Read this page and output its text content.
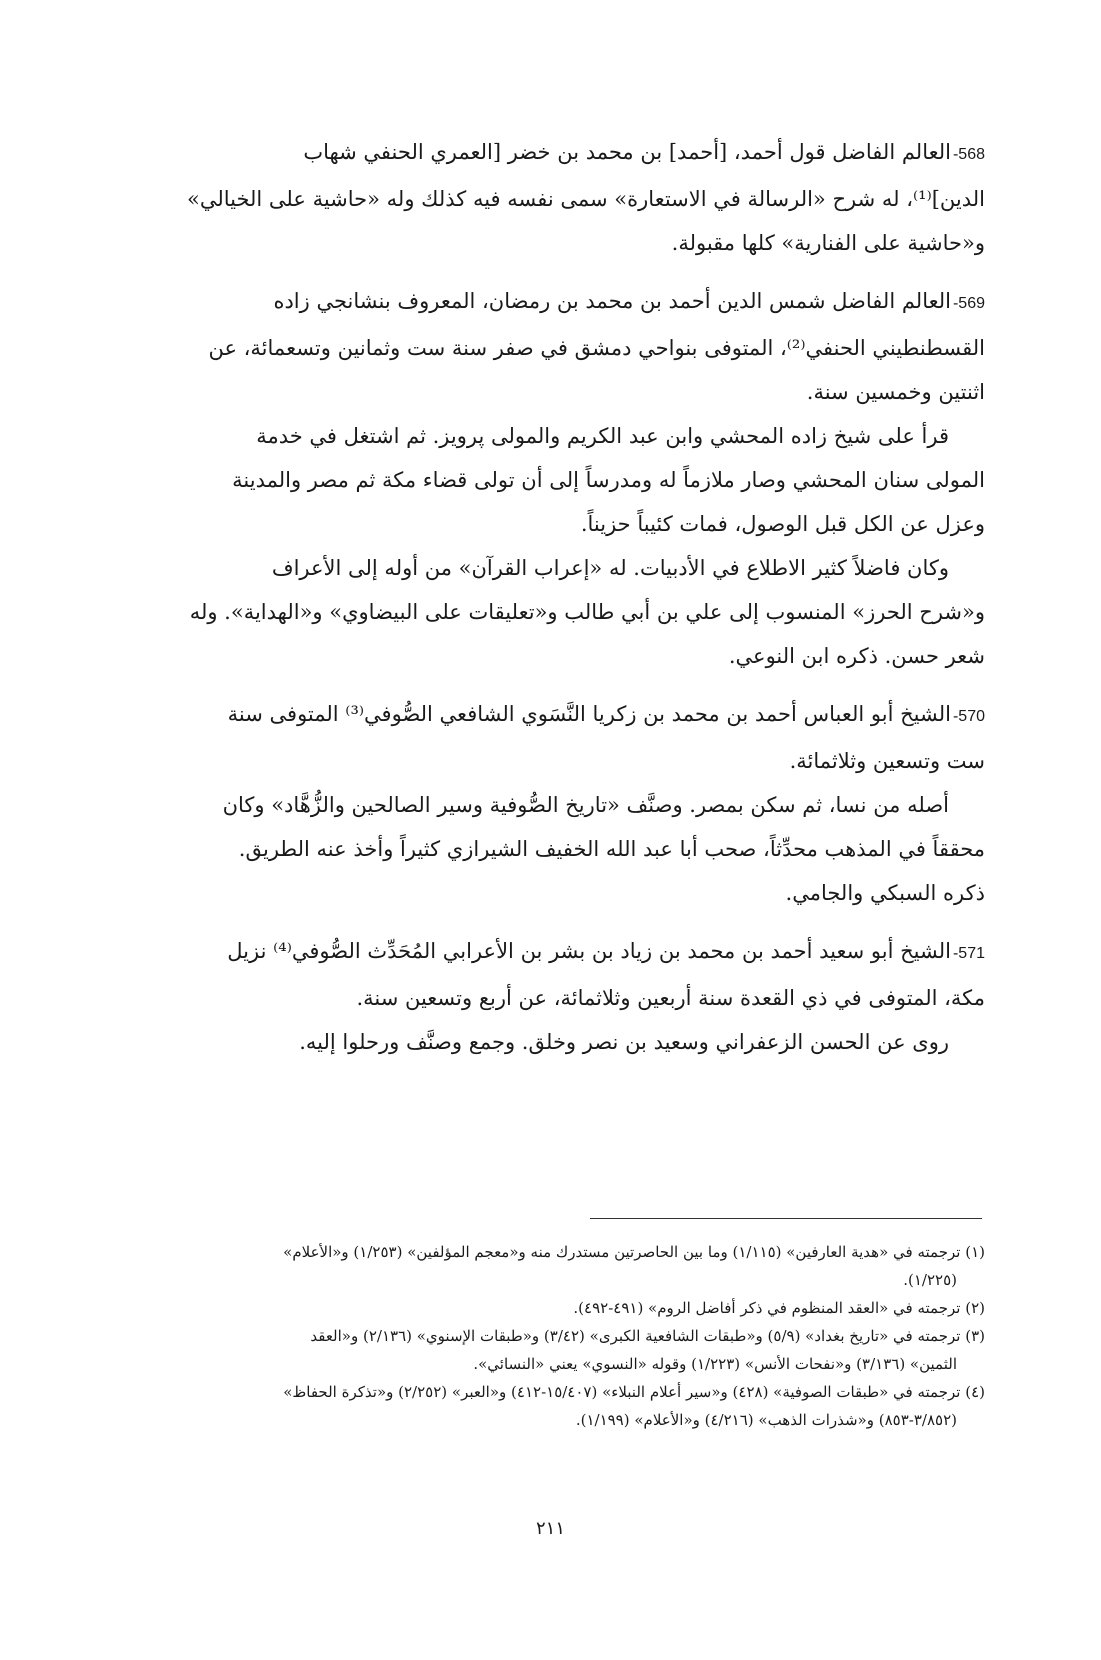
568-العالم الفاضل قول أحمد، [أحمد] بن محمد بن خضر [العمري الحنفي شهاب
الدين]⁽¹⁾، له شرح «الرسالة في الاستعارة» سمى نفسه فيه كذلك وله «حاشية على الخيالي»
و«حاشية على الفنارية» كلها مقبولة.
569-العالم الفاضل شمس الدين أحمد بن محمد بن رمضان، المعروف بنشانجي زاده
القسطنطيني الحنفي⁽²⁾، المتوفى بنواحي دمشق في صفر سنة ست وثمانين وتسعمائة، عن
اثنتين وخمسين سنة.
قرأ على شيخ زاده المحشي وابن عبد الكريم والمولى پرويز. ثم اشتغل في خدمة
المولى سنان المحشي وصار ملازماً له ومدرساً إلى أن تولى قضاء مكة ثم مصر والمدينة
وعزل عن الكل قبل الوصول، فمات كئيباً حزيناً.
وكان فاضلاً كثير الاطلاع في الأدبيات. له «إعراب القرآن» من أوله إلى الأعراف
و«شرح الحرز» المنسوب إلى علي بن أبي طالب و«تعليقات على البيضاوي» و«الهداية». وله
شعر حسن. ذكره ابن النوعي.
570-الشيخ أبو العباس أحمد بن محمد بن زكريا النَّسَوي الشافعي الصُّوفي⁽³⁾ المتوفى سنة
ست وتسعين وثلاثمائة.
أصله من نسا، ثم سكن بمصر. وصنَّف «تاريخ الصُّوفية وسير الصالحين والزُّهَّاد» وكان
محققاً في المذهب محدِّثاً، صحب أبا عبد الله الخفيف الشيرازي كثيراً وأخذ عنه الطريق.
ذكره السبكي والجامي.
571-الشيخ أبو سعيد أحمد بن محمد بن زياد بن بشر بن الأعرابي المُحَدِّث الصُّوفي⁽⁴⁾ نزيل
مكة، المتوفى في ذي القعدة سنة أربعين وثلاثمائة، عن أربع وتسعين سنة.
روى عن الحسن الزعفراني وسعيد بن نصر وخلق. وجمع وصنَّف ورحلوا إليه.
(١) ترجمته في «هدية العارفين» (١/١١٥) وما بين الحاصرتين مستدرك منه و«معجم المؤلفين» (١/٢٥٣) و«الأعلام»
(١/٢٢٥).
(٢) ترجمته في «العقد المنظوم في ذكر أفاضل الروم» (٤٩١-٤٩٢).
(٣) ترجمته في «تاريخ بغداد» (٥/٩) و«طبقات الشافعية الكبرى» (٣/٤٢) و«طبقات الإسنوي» (٢/١٣٦) و«العقد
الثمين» (٣/١٣٦) و«نفحات الأنس» (١/٢٢٣) وقوله «النسوي» يعني «النسائي».
(٤) ترجمته في «طبقات الصوفية» (٤٢٨) و«سير أعلام النبلاء» (١٥/٤٠٧-٤١٢) و«العبر» (٢/٢٥٢) و«تذكرة الحفاظ»
(٣/٨٥٢-٨٥٣) و«شذرات الذهب» (٤/٢١٦) و«الأعلام» (١/١٩٩).
٢١١
